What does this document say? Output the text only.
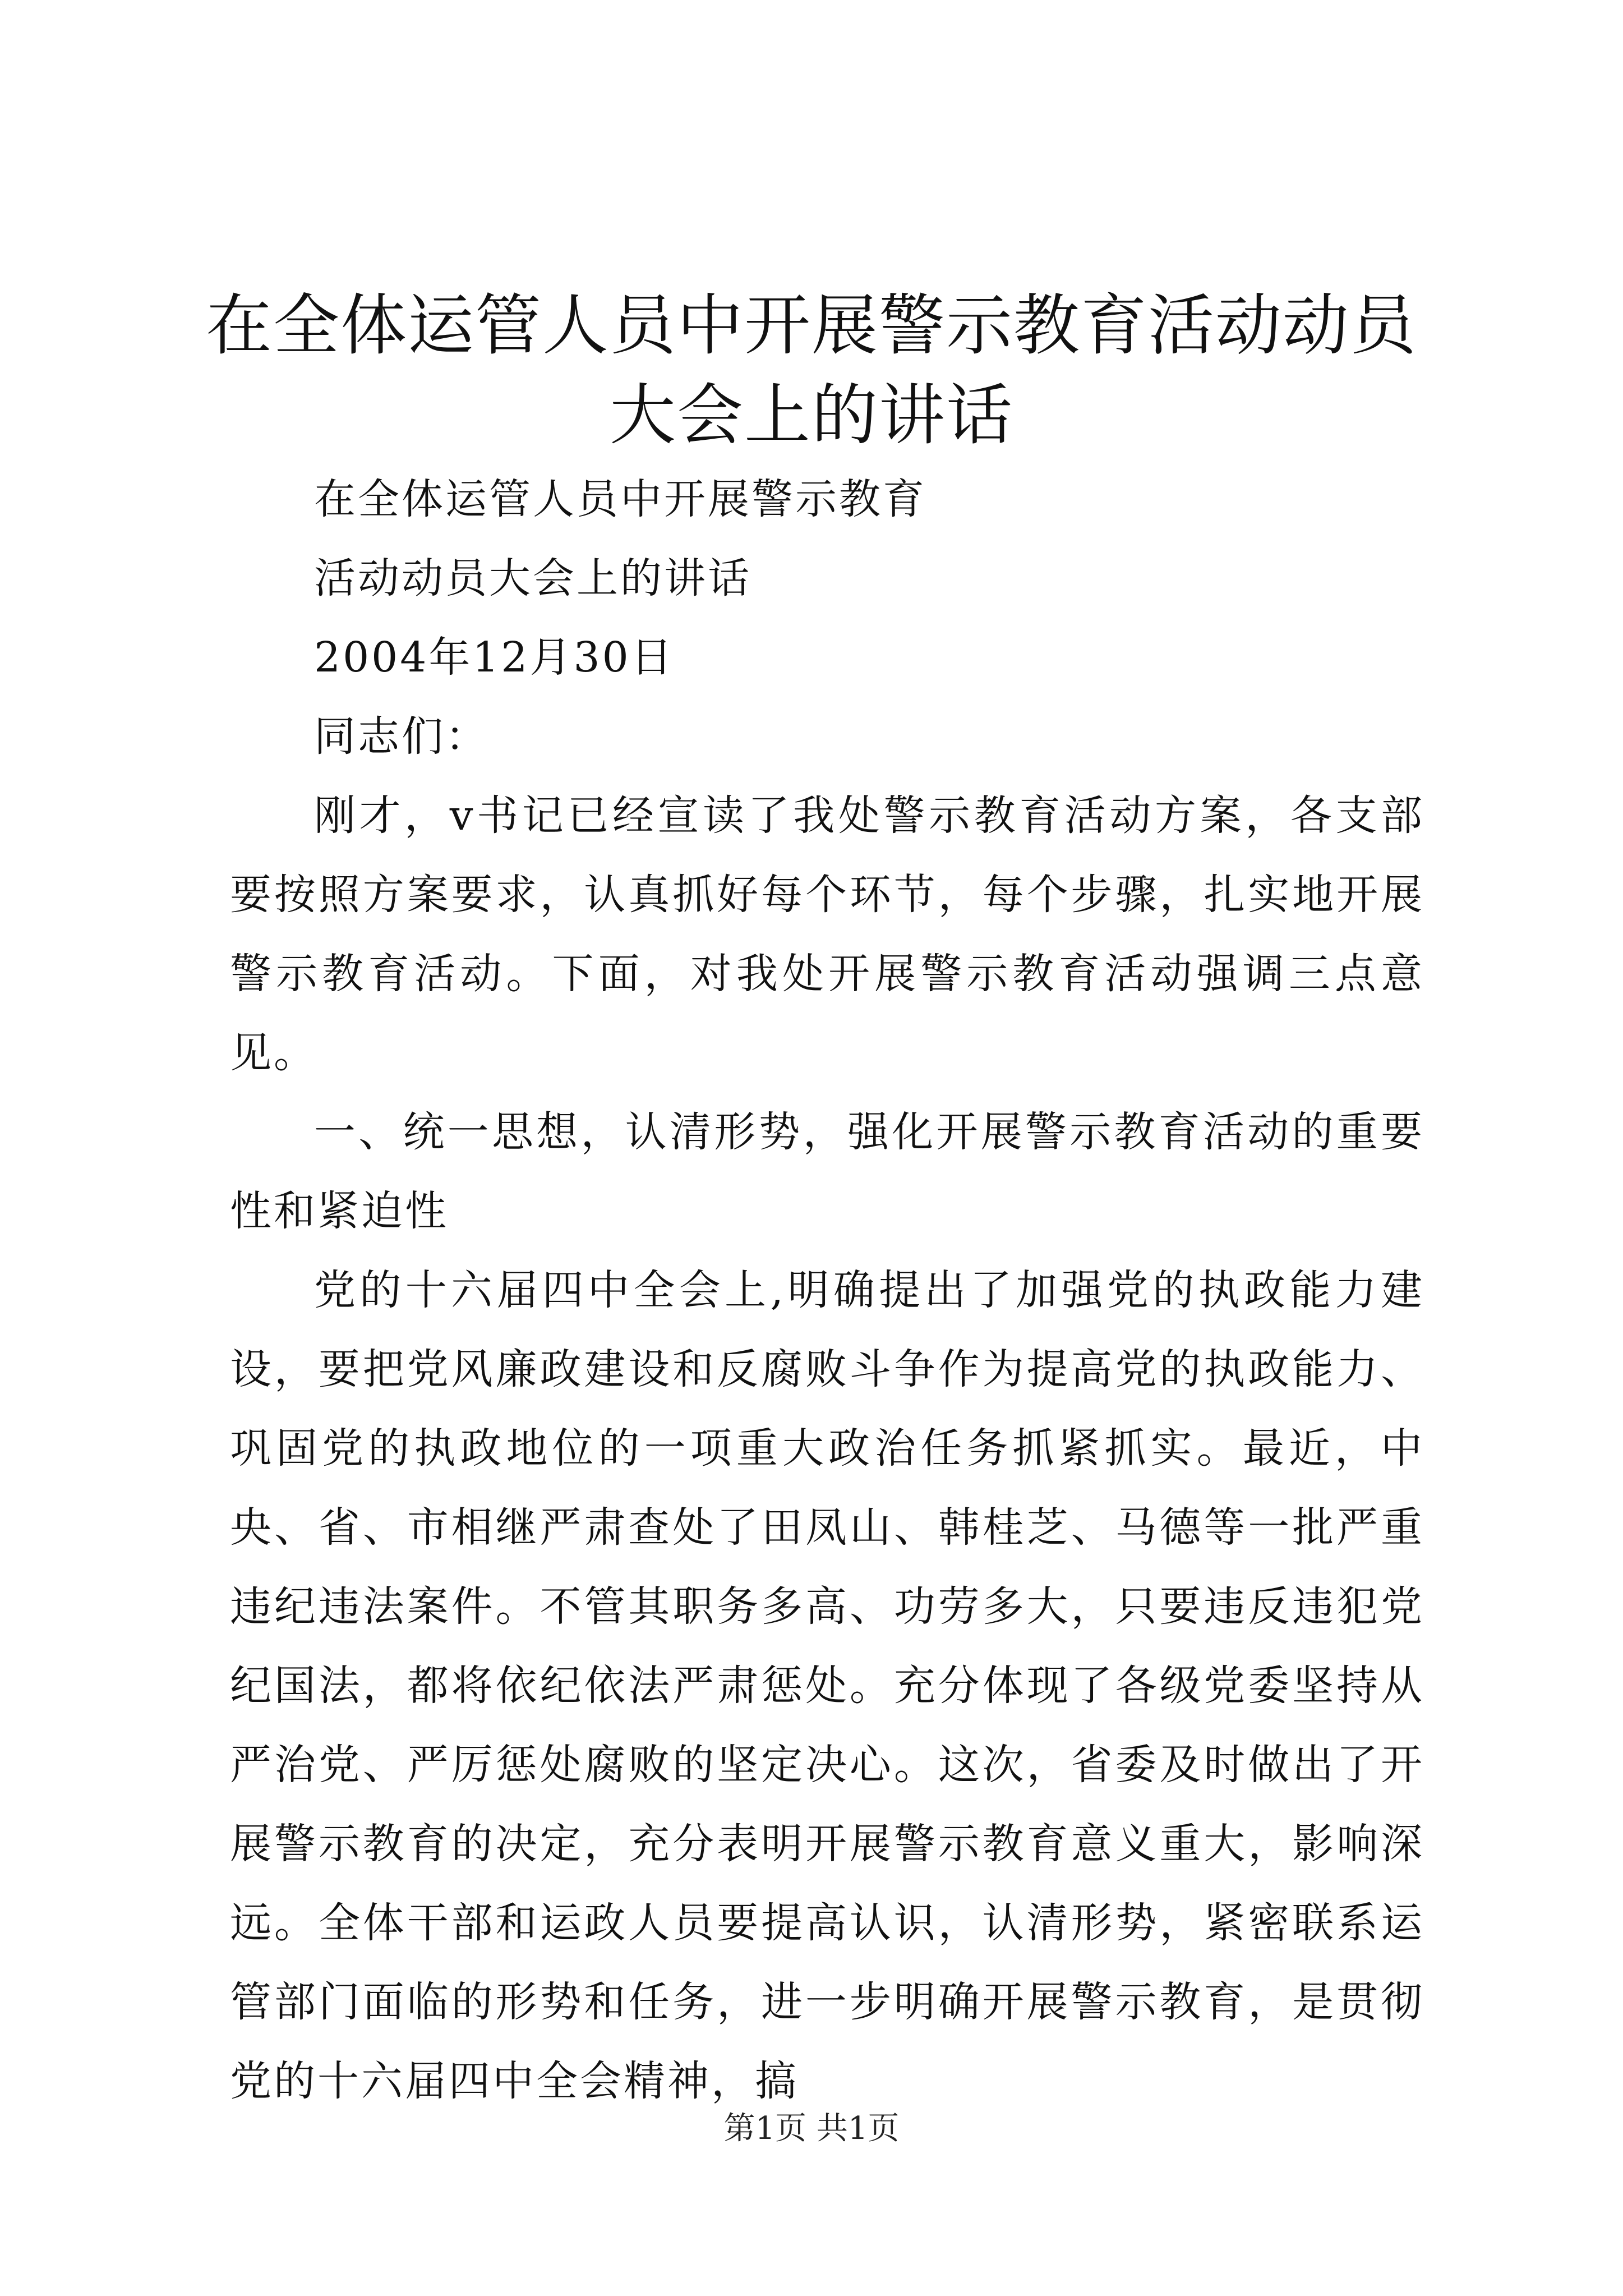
在全体运管人员中开展警示教育活动动员大会上的讲话

在全体运管人员中开展警示教育

活动动员大会上的讲话

2004年12月30日

同志们：

刚才，v书记已经宣读了我处警示教育活动方案，各支部要按照方案要求，认真抓好每个环节，每个步骤，扎实地开展警示教育活动。下面，对我处开展警示教育活动强调三点意见。

一、统一思想，认清形势，强化开展警示教育活动的重要性和紧迫性

党的十六届四中全会上,明确提出了加强党的执政能力建设，要把党风廉政建设和反腐败斗争作为提高党的执政能力、巩固党的执政地位的一项重大政治任务抓紧抓实。最近，中央、省、市相继严肃查处了田凤山、韩桂芝、马德等一批严重违纪违法案件。不管其职务多高、功劳多大，只要违反违犯党纪国法，都将依纪依法严肃惩处。充分体现了各级党委坚持从严治党、严厉惩处腐败的坚定决心。这次，省委及时做出了开展警示教育的决定，充分表明开展警示教育意义重大，影响深远。全体干部和运政人员要提高认识，认清形势，紧密联系运管部门面临的形势和任务，进一步明确开展警示教育，是贯彻党的十六届四中全会精神，搞

第1页 共1页
